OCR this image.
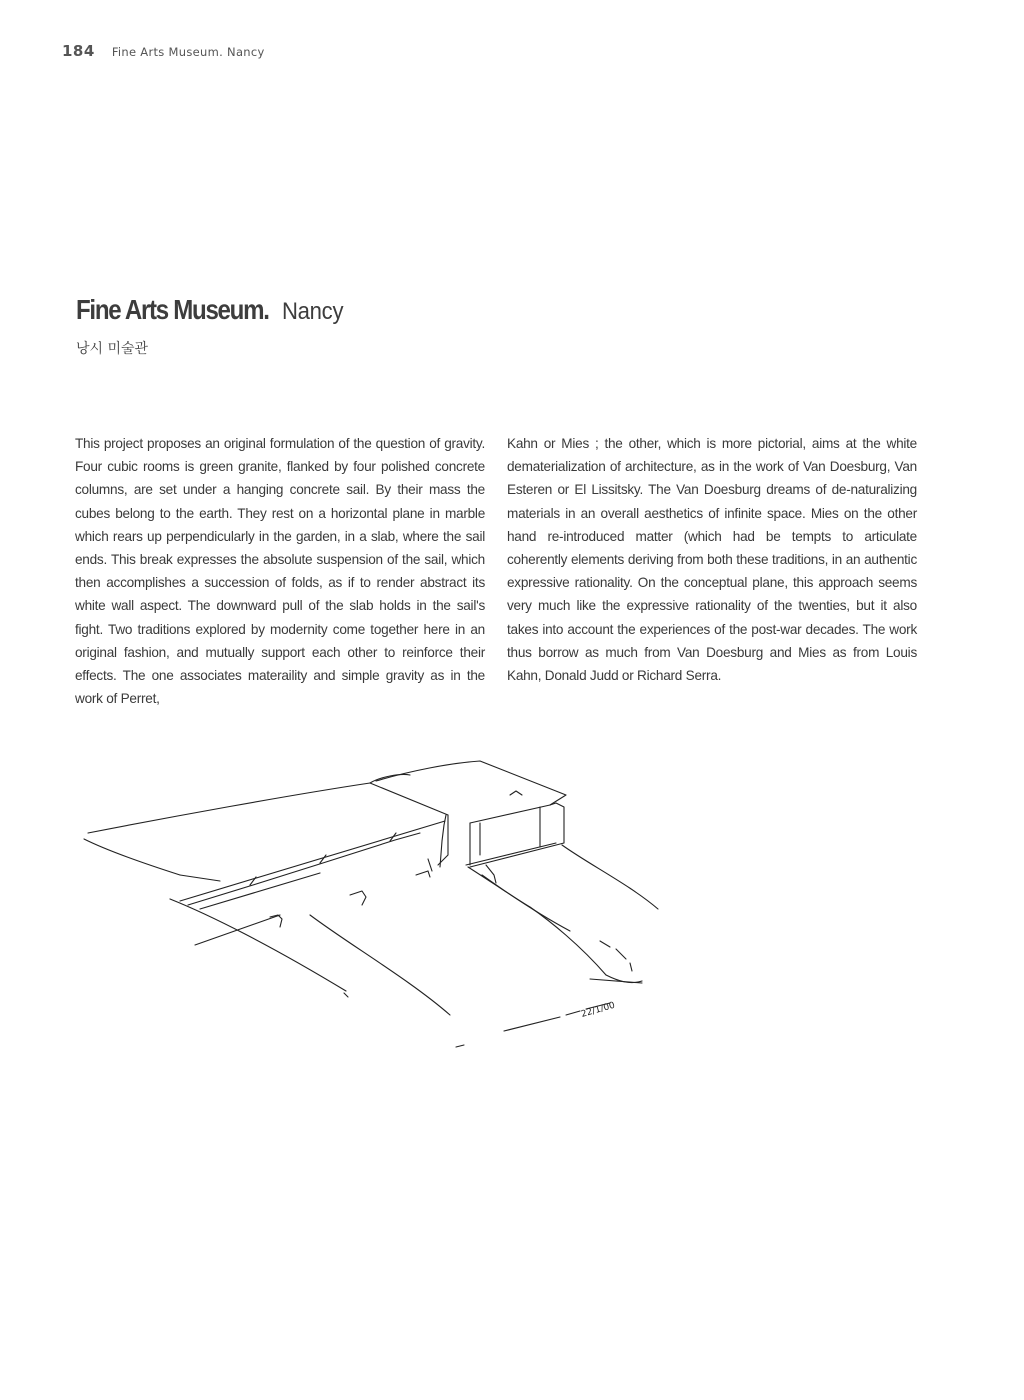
184 Fine Arts Museum. Nancy
Fine Arts Museum. Nancy
낭시 미술관
This project proposes an original formulation of the question of gravity. Four cubic rooms is green granite, flanked by four polished concrete columns, are set under a hanging concrete sail. By their mass the cubes belong to the earth. They rest on a horizontal plane in marble which rears up perpendicularly in the garden, in a slab, where the sail ends. This break expresses the absolute suspension of the sail, which then accomplishes a succession of folds, as if to render abstract its white wall aspect. The downward pull of the slab holds in the sail's fight. Two traditions explored by modernity come together here in an original fashion, and mutually support each other to reinforce their effects. The one associates materaility and simple gravity as in the work of Perret,
Kahn or Mies ; the other, which is more pictorial, aims at the white dematerialization of architecture, as in the work of Van Doesburg, Van Esteren or El Lissitsky. The Van Doesburg dreams of de-naturalizing materials in an overall aesthetics of infinite space. Mies on the other hand re-introduced matter (which had be tempts to articulate coherently elements deriving from both these traditions, in an authentic expressive rationality. On the conceptual plane, this approach seems very much like the expressive rationality of the twenties, but it also takes into account the experiences of the post-war decades. The work thus borrow as much from Van Doesburg and Mies as from Louis Kahn, Donald Judd or Richard Serra.
22/1/00
